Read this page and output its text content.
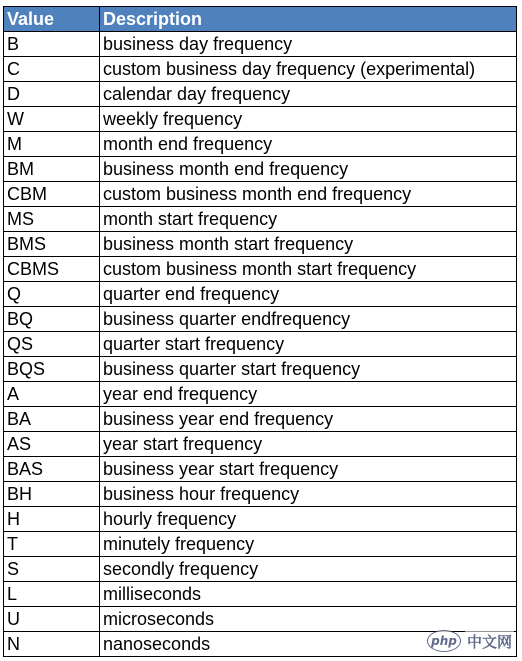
Value	Description
B	business day frequency
C	custom business day frequency (experimental)
D	calendar day frequency
W	weekly frequency
M	month end frequency
BM	business month end frequency
CBM	custom business month end frequency
MS	month start frequency
BMS	business month start frequency
CBMS	custom business month start frequency
Q	quarter end frequency
BQ	business quarter endfrequency
QS	quarter start frequency
BQS	business quarter start frequency
A	year end frequency
BA	business year end frequency
AS	year start frequency
BAS	business year start frequency
BH	business hour frequency
H	hourly frequency
T	minutely frequency
S	secondly frequency
L	milliseconds
U	microseconds
N	nanoseconds	php 中文网
